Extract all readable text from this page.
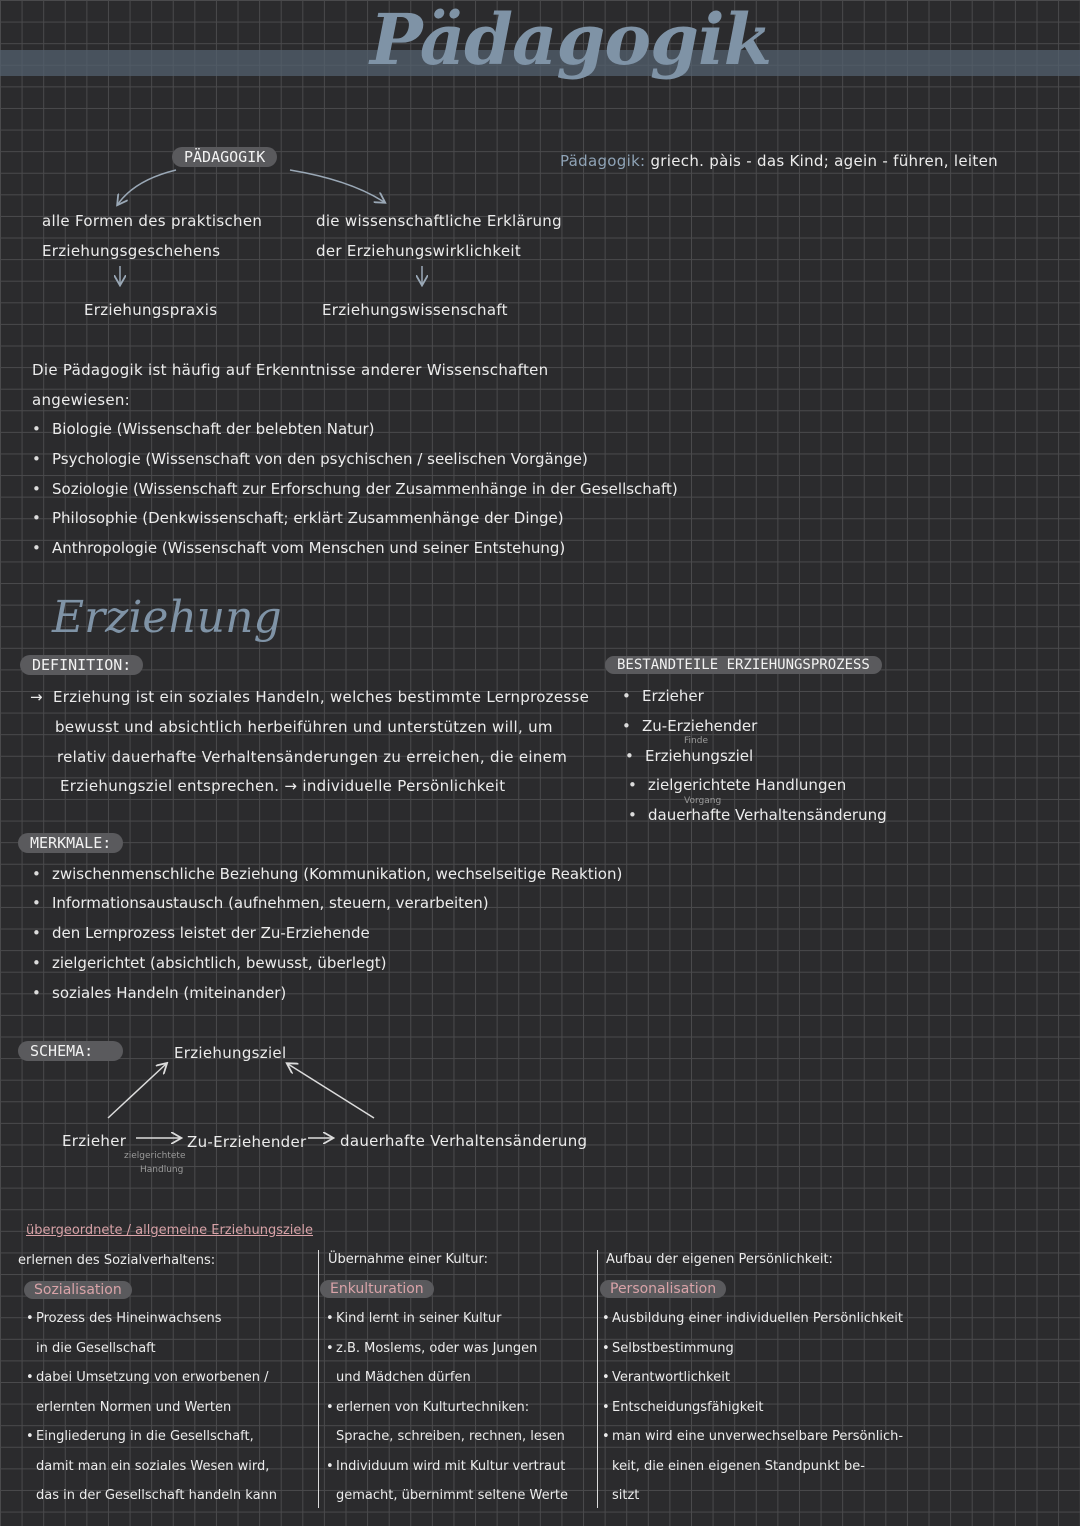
Pädagogik
Pädagogik: griech. pàis - das Kind; agein - führen, leiten
PÄDAGOGIK
alle Formen des praktischen
Erziehungsgeschehens
Erziehungspraxis
die wissenschaftliche Erklärung
der Erziehungswirklichkeit
Erziehungswissenschaft
Die Pädagogik ist häufig auf Erkenntnisse anderer Wissenschaften
angewiesen:
• Biologie (Wissenschaft der belebten Natur)
• Psychologie (Wissenschaft von den psychischen / seelischen Vorgänge)
• Soziologie (Wissenschaft zur Erforschung der Zusammenhänge in der Gesellschaft)
• Philosophie (Denkwissenschaft; erklärt Zusammenhänge der Dinge)
• Anthropologie (Wissenschaft vom Menschen und seiner Entstehung)
Erziehung
DEFINITION:
→ Erziehung ist ein soziales Handeln, welches bestimmte Lernprozesse
bewusst und absichtlich herbeiführen und unterstützen will, um
relativ dauerhafte Verhaltensänderungen zu erreichen, die einem
Erziehungsziel entsprechen. → individuelle Persönlichkeit
BESTANDTEILE ERZIEHUNGSPROZESS
• Erzieher
• Zu-Erziehender
Finde
• Erziehungsziel
• zielgerichtete Handlungen
Vorgang
• dauerhafte Verhaltensänderung
MERKMALE:
• zwischenmenschliche Beziehung (Kommunikation, wechselseitige Reaktion)
• Informationsaustausch (aufnehmen, steuern, verarbeiten)
• den Lernprozess leistet der Zu-Erziehende
• zielgerichtet (absichtlich, bewusst, überlegt)
• soziales Handeln (miteinander)
SCHEMA:	Erziehungsziel
Erzieher	Zu-Erziehender dauerhafte Verhaltensänderung
zielgerichtete
Handlung
übergeordnete / allgemeine Erziehungsziele
erlernen des Sozialverhaltens:
Sozialisation
Prozess des Hineinwachsens
•
in die Gesellschaft
dabei Umsetzung von erworbenen /
•
erlernten Normen und Werten
Eingliederung in die Gesellschaft,
•
damit man ein soziales Wesen wird,
das in der Gesellschaft handeln kann
Übernahme einer Kultur:
Enkulturation
Kind lernt in seiner Kultur
•
z.B. Moslems, oder was Jungen
•
und Mädchen dürfen
erlernen von Kulturtechniken:
•
Sprache, schreiben, rechnen, lesen
Individuum wird mit Kultur vertraut
•
gemacht, übernimmt seltene Werte
Aufbau der eigenen Persönlichkeit:
Personalisation
Ausbildung einer individuellen Persönlichkeit
•
Selbstbestimmung
•
Verantwortlichkeit
•
Entscheidungsfähigkeit
•
man wird eine unverwechselbare Persönlich-
•
keit, die einen eigenen Standpunkt be-
sitzt
